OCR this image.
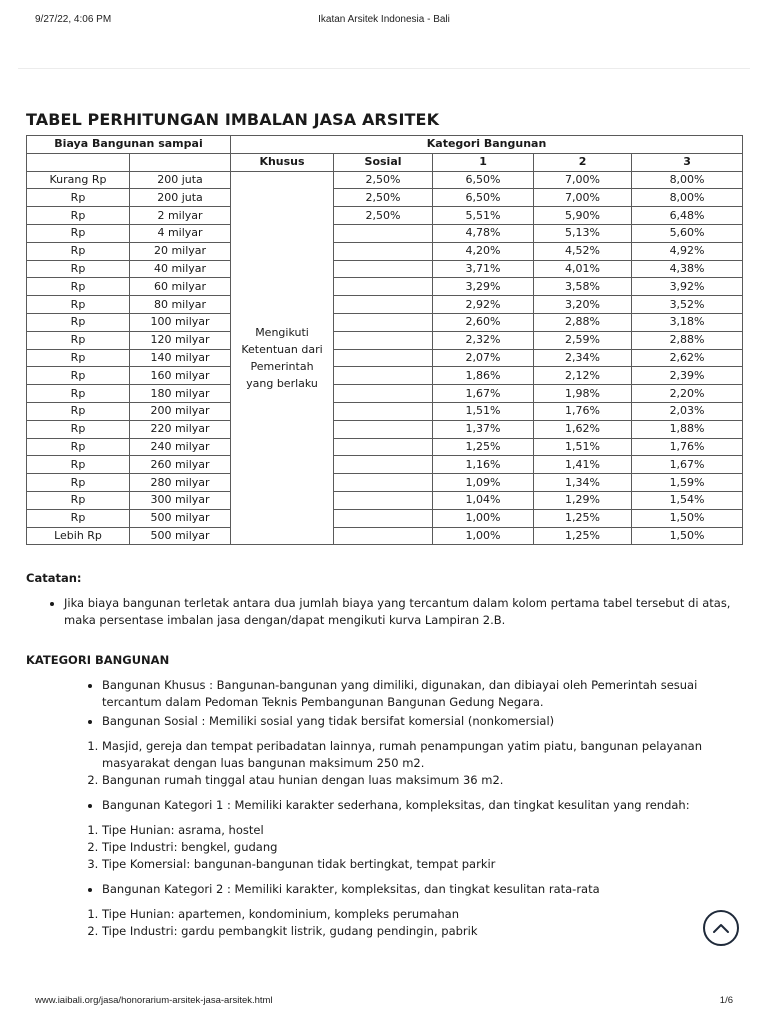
9/27/22, 4:06 PM	Ikatan Arsitek Indonesia - Bali
TABEL PERHITUNGAN IMBALAN JASA ARSITEK
Biaya Bangunan sampai		Kategori Bangunan				
		Khusus	Sosial	1	2	3
Kurang Rp	200 juta	Mengikuti Ketentuan dari Pemerintah yang berlaku	2,50%	6,50%	7,00%	8,00%
Rp	200 juta		2,50%	6,50%	7,00%	8,00%
Rp	2 milyar		2,50%	5,51%	5,90%	6,48%
Rp	4 milyar			4,78%	5,13%	5,60%
Rp	20 milyar			4,20%	4,52%	4,92%
Rp	40 milyar			3,71%	4,01%	4,38%
Rp	60 milyar			3,29%	3,58%	3,92%
Rp	80 milyar			2,92%	3,20%	3,52%
Rp	100 milyar			2,60%	2,88%	3,18%
Rp	120 milyar			2,32%	2,59%	2,88%
Rp	140 milyar			2,07%	2,34%	2,62%
Rp	160 milyar			1,86%	2,12%	2,39%
Rp	180 milyar			1,67%	1,98%	2,20%
Rp	200 milyar			1,51%	1,76%	2,03%
Rp	220 milyar			1,37%	1,62%	1,88%
Rp	240 milyar			1,25%	1,51%	1,76%
Rp	260 milyar			1,16%	1,41%	1,67%
Rp	280 milyar			1,09%	1,34%	1,59%
Rp	300 milyar			1,04%	1,29%	1,54%
Rp	500 milyar			1,00%	1,25%	1,50%
Lebih Rp	500 milyar			1,00%	1,25%	1,50%
Catatan:
• Jika biaya bangunan terletak antara dua jumlah biaya yang tercantum dalam kolom pertama tabel tersebut di atas, maka persentase imbalan jasa dengan/dapat mengikuti kurva Lampiran 2.B.
KATEGORI BANGUNAN
• Bangunan Khusus : Bangunan-bangunan yang dimiliki, digunakan, dan dibiayai oleh Pemerintah sesuai tercantum dalam Pedoman Teknis Pembangunan Bangunan Gedung Negara.
• Bangunan Sosial : Memiliki sosial yang tidak bersifat komersial (nonkomersial)
1. Masjid, gereja dan tempat peribadatan lainnya, rumah penampungan yatim piatu, bangunan pelayanan masyarakat dengan luas bangunan maksimum 250 m2.
2. Bangunan rumah tinggal atau hunian dengan luas maksimum 36 m2.
• Bangunan Kategori 1 : Memiliki karakter sederhana, kompleksitas, dan tingkat kesulitan yang rendah:
1. Tipe Hunian: asrama, hostel
2. Tipe Industri: bengkel, gudang
3. Tipe Komersial: bangunan-bangunan tidak bertingkat, tempat parkir
• Bangunan Kategori 2 : Memiliki karakter, kompleksitas, dan tingkat kesulitan rata-rata
1. Tipe Hunian: apartemen, kondominium, kompleks perumahan
2. Tipe Industri: gardu pembangkit listrik, gudang pendingin, pabrik
www.iaibali.org/jasa/honorarium-arsitek-jasa-arsitek.html	1/6
